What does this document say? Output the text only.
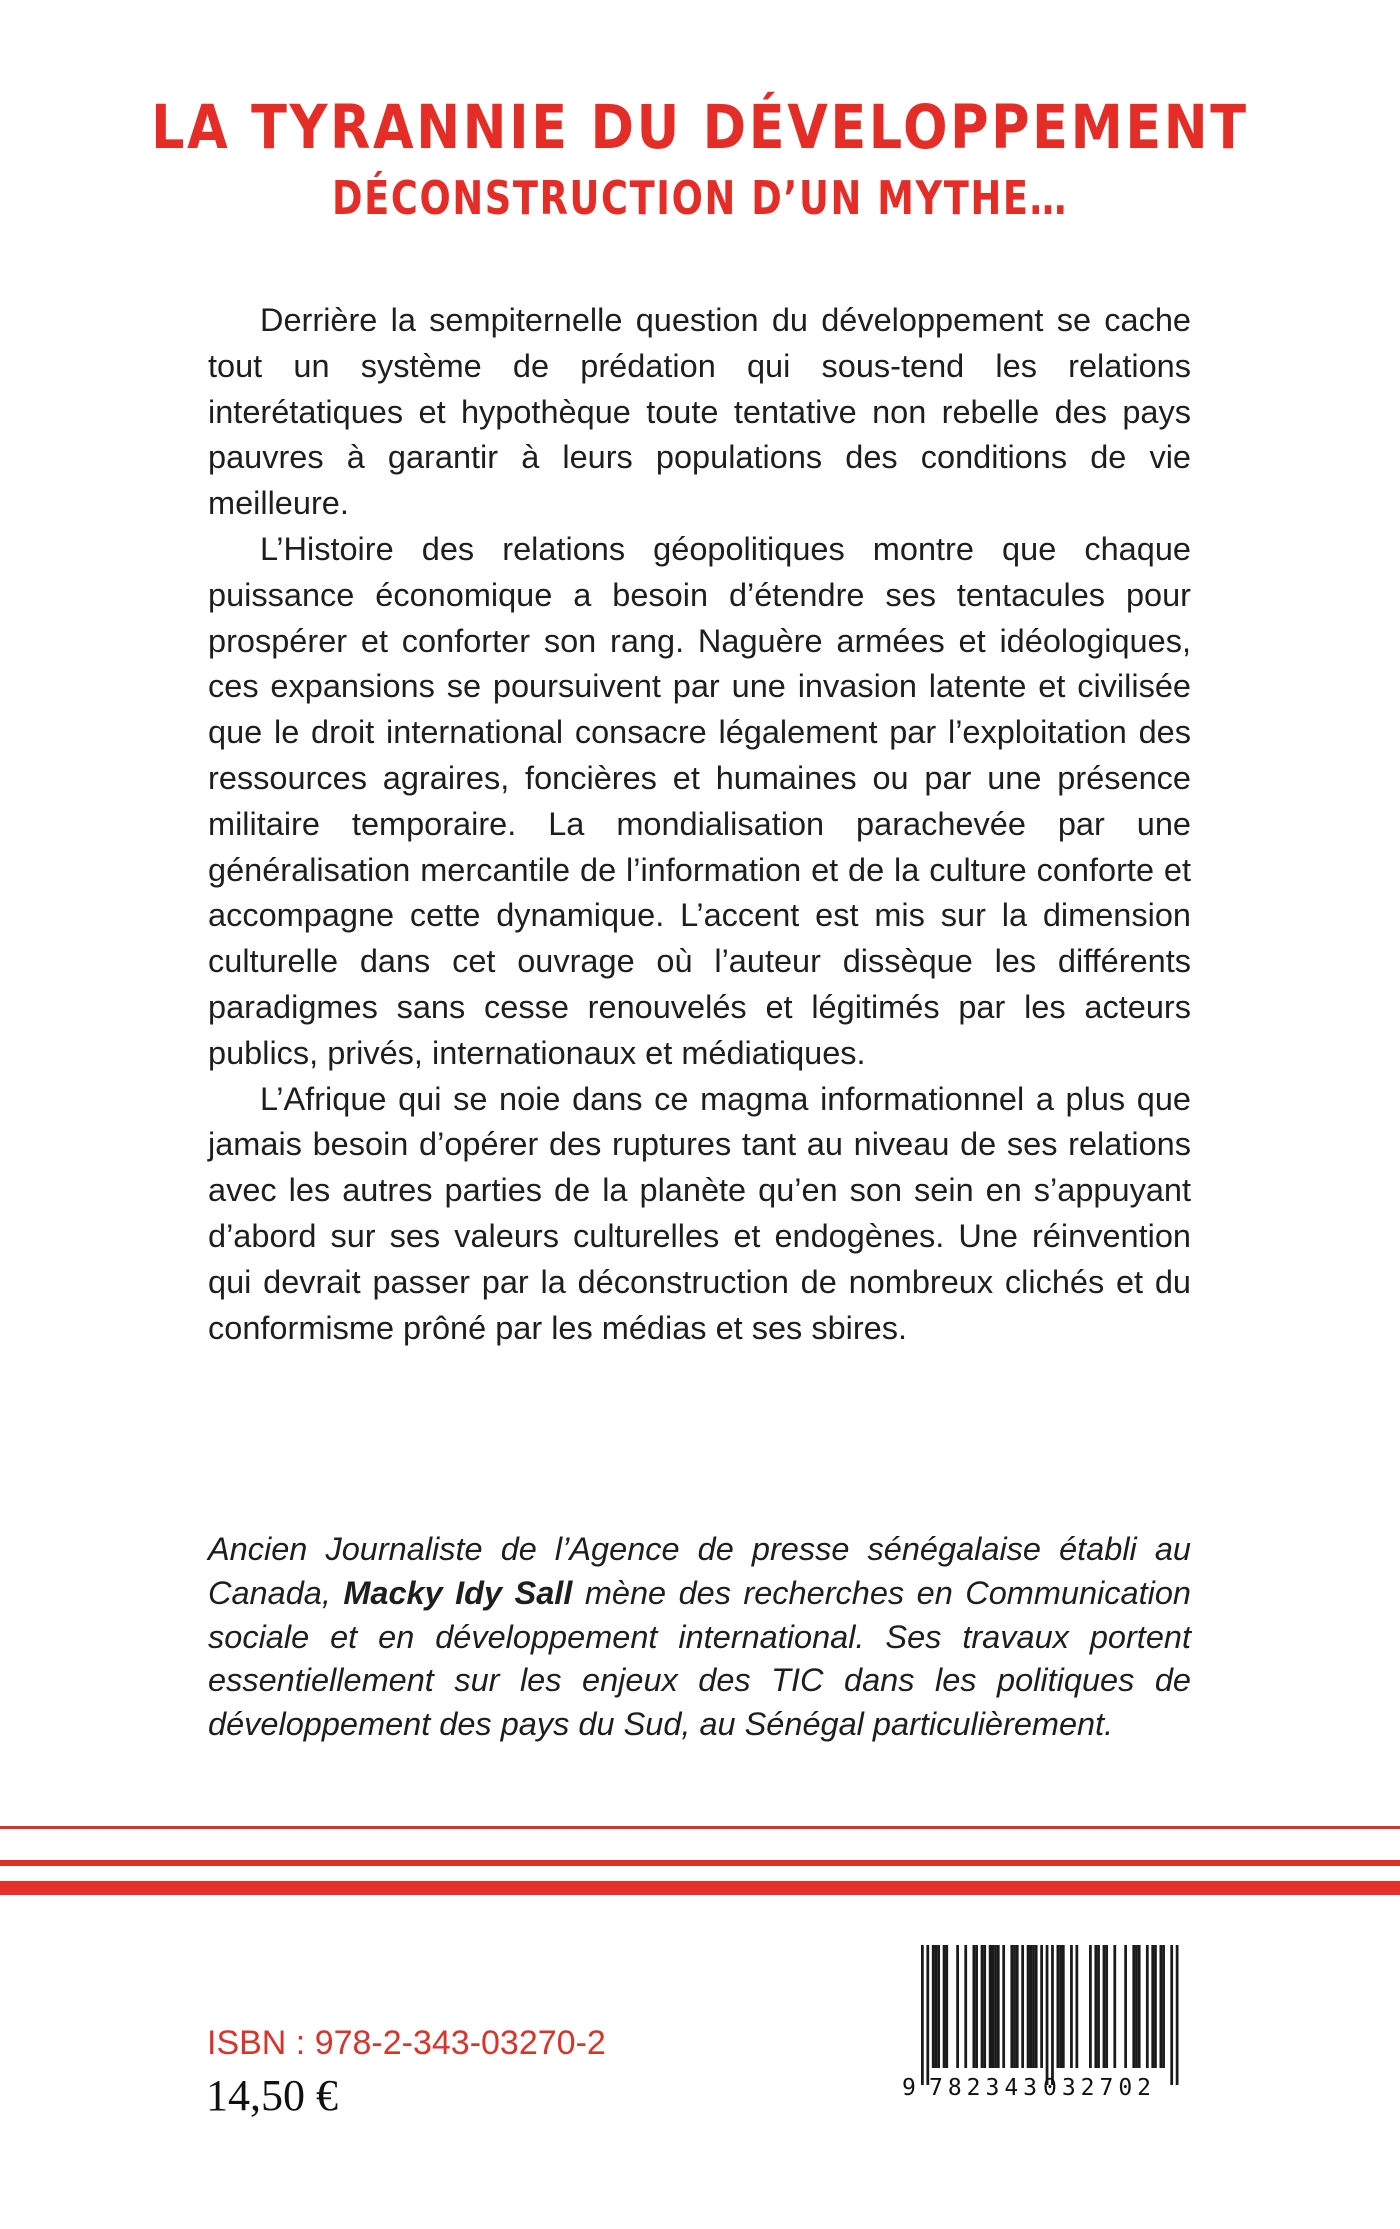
LA TYRANNIE DU DÉVELOPPEMENT
DÉCONSTRUCTION D’UN MYTHE…

Derrière la sempiternelle question du développement se cache tout un système de prédation qui sous-tend les relations interétatiques et hypothèque toute tentative non rebelle des pays pauvres à garantir à leurs populations des conditions de vie meilleure.

L’Histoire des relations géopolitiques montre que chaque puissance économique a besoin d’étendre ses tentacules pour prospérer et conforter son rang. Naguère armées et idéologiques, ces expansions se poursuivent par une invasion latente et civilisée que le droit international consacre légalement par l’exploitation des ressources agraires, foncières et humaines ou par une présence militaire temporaire. La mondialisation parachevée par une généralisation mercantile de l’information et de la culture conforte et accompagne cette dynamique. L’accent est mis sur la dimension culturelle dans cet ouvrage où l’auteur dissèque les différents paradigmes sans cesse renouvelés et légitimés par les acteurs publics, privés, internationaux et médiatiques.

L’Afrique qui se noie dans ce magma informationnel a plus que jamais besoin d’opérer des ruptures tant au niveau de ses relations avec les autres parties de la planète qu’en son sein en s’appuyant d’abord sur ses valeurs culturelles et endogènes. Une réinvention qui devrait passer par la déconstruction de nombreux clichés et du conformisme prôné par les médias et ses sbires.

Ancien Journaliste de l’Agence de presse sénégalaise établi au Canada, Macky Idy Sall mène des recherches en Communication sociale et en développement international. Ses travaux portent essentiellement sur les enjeux des TIC dans les politiques de développement des pays du Sud, au Sénégal particulièrement.

ISBN : 978-2-343-03270-2
14,50 €	9 782343 032702
